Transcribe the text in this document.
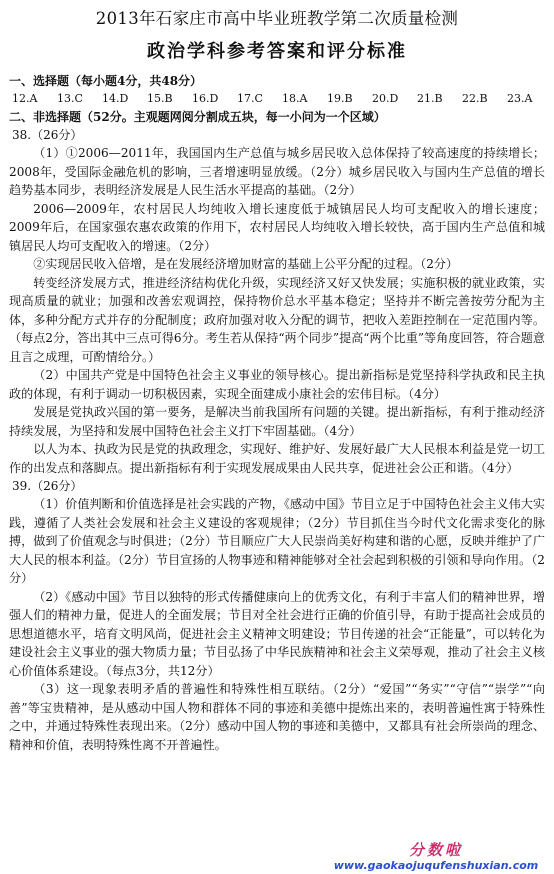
2013年石家庄市高中毕业班教学第二次质量检测
政治学科参考答案和评分标准
一、选择题（每小题4分，共48分）
12.A 13.C 14.D 15.B 16.D 17.C 18.A 19.B 20.D 21.B 22.B 23.A
二、非选择题（52分。主观题网阅分割成五块，每一小问为一个区域）
38.（26分）

（1）①2006—2011年，我国国内生产总值与城乡居民收入总体保持了较高速度的持续增长；2008年，受国际金融危机的影响，三者增速明显放缓。（2分）城乡居民收入与国内生产总值的增长趋势基本同步，表明经济发展是人民生活水平提高的基础。（2分）

2006—2009年，农村居民人均纯收入增长速度低于城镇居民人均可支配收入的增长速度；2009年后，在国家强农惠农政策的作用下，农村居民人均纯收入增长较快，高于国内生产总值和城镇居民人均可支配收入的增速。（2分）

②实现居民收入倍增，是在发展经济增加财富的基础上公平分配的过程。（2分）

转变经济发展方式，推进经济结构优化升级，实现经济又好又快发展；实施积极的就业政策，实现高质量的就业；加强和改善宏观调控，保持物价总水平基本稳定；坚持并不断完善按劳分配为主体，多种分配方式并存的分配制度；政府加强对收入分配的调节，把收入差距控制在一定范围内等。（每点2分，答出其中三点可得6分。考生若从保持“两个同步”提高“两个比重”等角度回答，符合题意且言之成理，可酌情给分。）

（2）中国共产党是中国特色社会主义事业的领导核心。提出新指标是党坚持科学执政和民主执政的体现，有利于调动一切积极因素，实现全面建成小康社会的宏伟目标。（4分）

发展是党执政兴国的第一要务，是解决当前我国所有问题的关键。提出新指标，有利于推动经济持续发展，为坚持和发展中国特色社会主义打下牢固基础。（4分）

以人为本、执政为民是党的执政理念，实现好、维护好、发展好最广大人民根本利益是党一切工作的出发点和落脚点。提出新指标有利于实现发展成果由人民共享，促进社会公正和谐。（4分）

39.（26分）

（1）价值判断和价值选择是社会实践的产物，《感动中国》节目立足于中国特色社会主义伟大实践，遵循了人类社会发展和社会主义建设的客观规律；（2分）节目抓住当今时代文化需求变化的脉搏，做到了价值观念与时俱进；（2分）节目顺应广大人民崇尚美好构建和谐的心愿，反映并维护了广大人民的根本利益。（2分）节目宣扬的人物事迹和精神能够对全社会起到积极的引领和导向作用。（2分）

（2）《感动中国》节目以独特的形式传播健康向上的优秀文化，有利于丰富人们的精神世界，增强人们的精神力量，促进人的全面发展；节目对全社会进行正确的价值引导，有助于提高社会成员的思想道德水平，培育文明风尚，促进社会主义精神文明建设；节目传递的社会“正能量”，可以转化为建设社会主义事业的强大物质力量；节目弘扬了中华民族精神和社会主义荣辱观，推动了社会主义核心价值体系建设。（每点3分，共12分）

（3）这一现象表明矛盾的普遍性和特殊性相互联结。（2分）“爱国”“务实”“守信”“崇学”“向善”等宝贵精神，是从感动中国人物和群体不同的事迹和美德中提炼出来的，表明普遍性寓于特殊性之中，并通过特殊性表现出来。（2分）感动中国人物的事迹和美德中，又都具有社会所崇尚的理念、精神和价值，表明特殊性离不开普遍性。

分数啦
www.gaokaojuqufenshuxian.com
